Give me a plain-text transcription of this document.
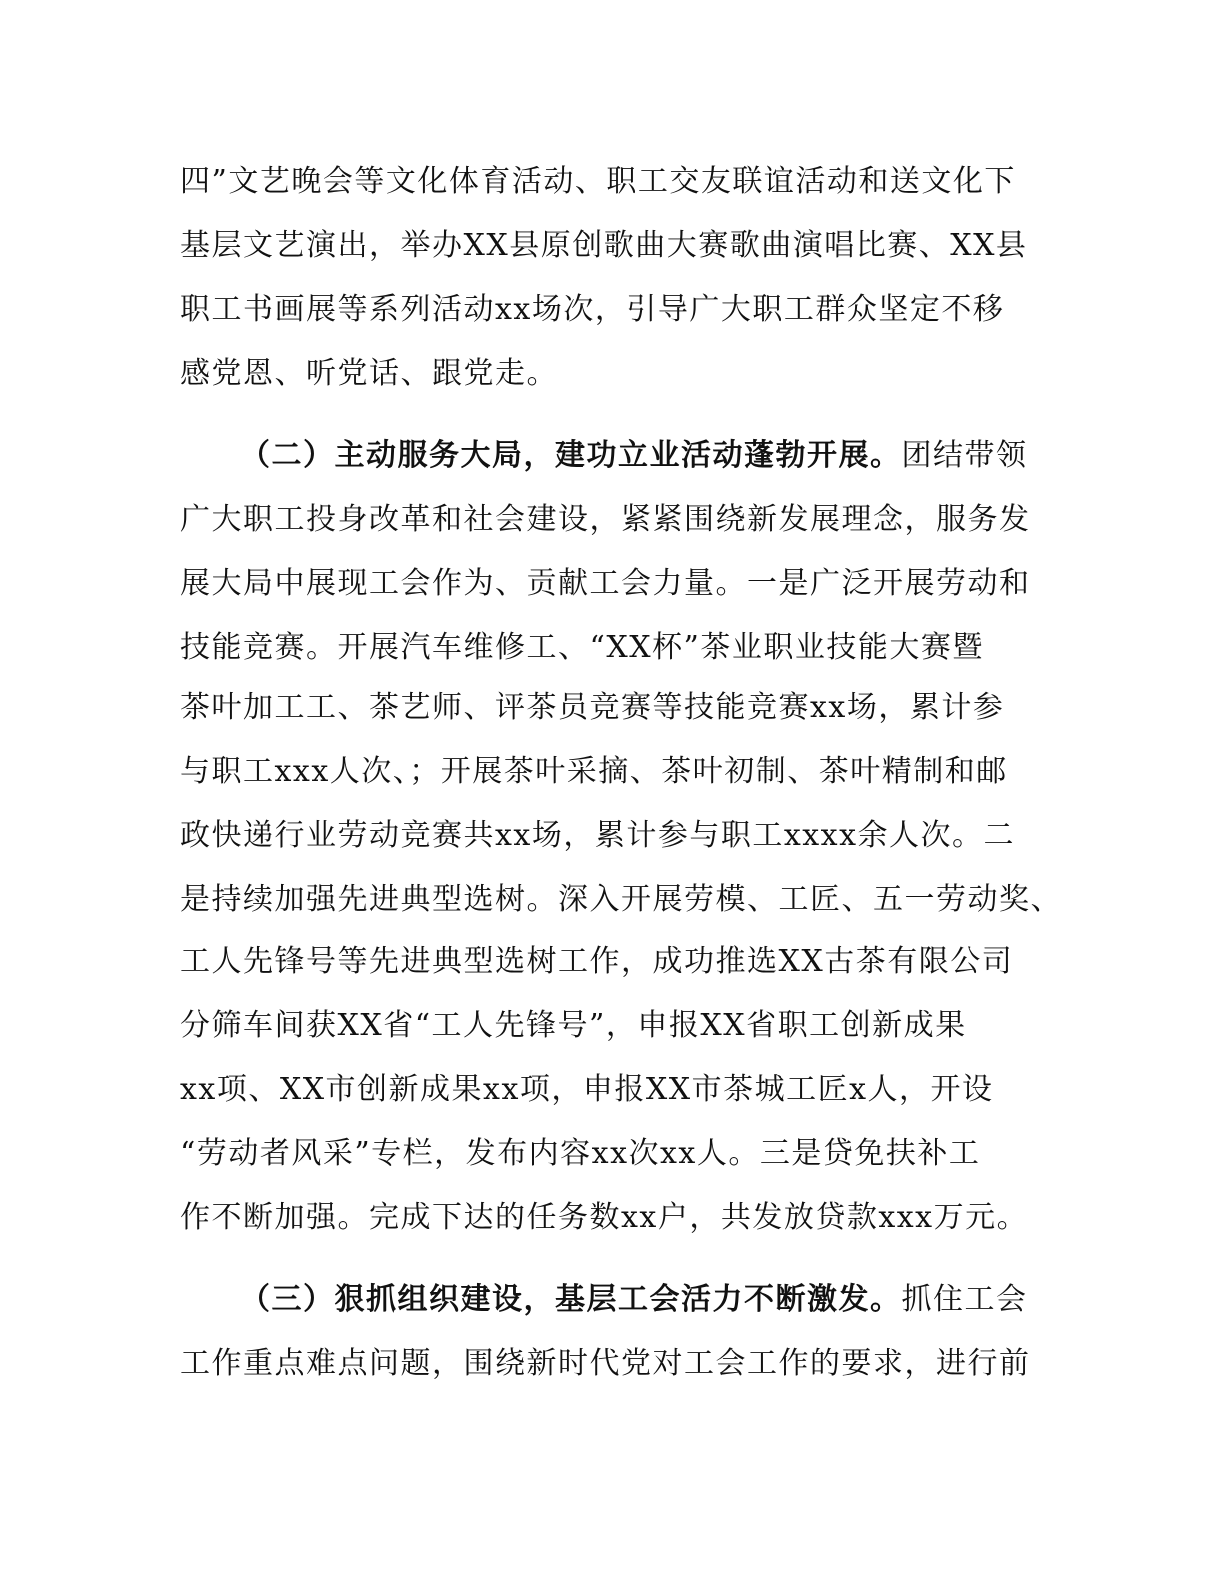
四”文艺晚会等文化体育活动、职工交友联谊活动和送文化下
基层文艺演出，举办XX县原创歌曲大赛歌曲演唱比赛、XX县
职工书画展等系列活动xx场次，引导广大职工群众坚定不移
感党恩、听党话、跟党走。
（二）主动服务大局，建功立业活动蓬勃开展。团结带领
广大职工投身改革和社会建设，紧紧围绕新发展理念，服务发
展大局中展现工会作为、贡献工会力量。一是广泛开展劳动和
技能竞赛。开展汽车维修工、“XX杯”茶业职业技能大赛暨
茶叶加工工、茶艺师、评茶员竞赛等技能竞赛xx场，累计参
与职工xxx人次、；开展茶叶采摘、茶叶初制、茶叶精制和邮
政快递行业劳动竞赛共xx场，累计参与职工xxxx余人次。二
是持续加强先进典型选树。深入开展劳模、工匠、五一劳动奖、
工人先锋号等先进典型选树工作，成功推选XX古茶有限公司
分筛车间获XX省“工人先锋号”，申报XX省职工创新成果
xx项、XX市创新成果xx项，申报XX市茶城工匠x人，开设
“劳动者风采”专栏，发布内容xx次xx人。三是贷免扶补工
作不断加强。完成下达的任务数xx户，共发放贷款xxx万元。
（三）狠抓组织建设，基层工会活力不断激发。抓住工会
工作重点难点问题，围绕新时代党对工会工作的要求，进行前
